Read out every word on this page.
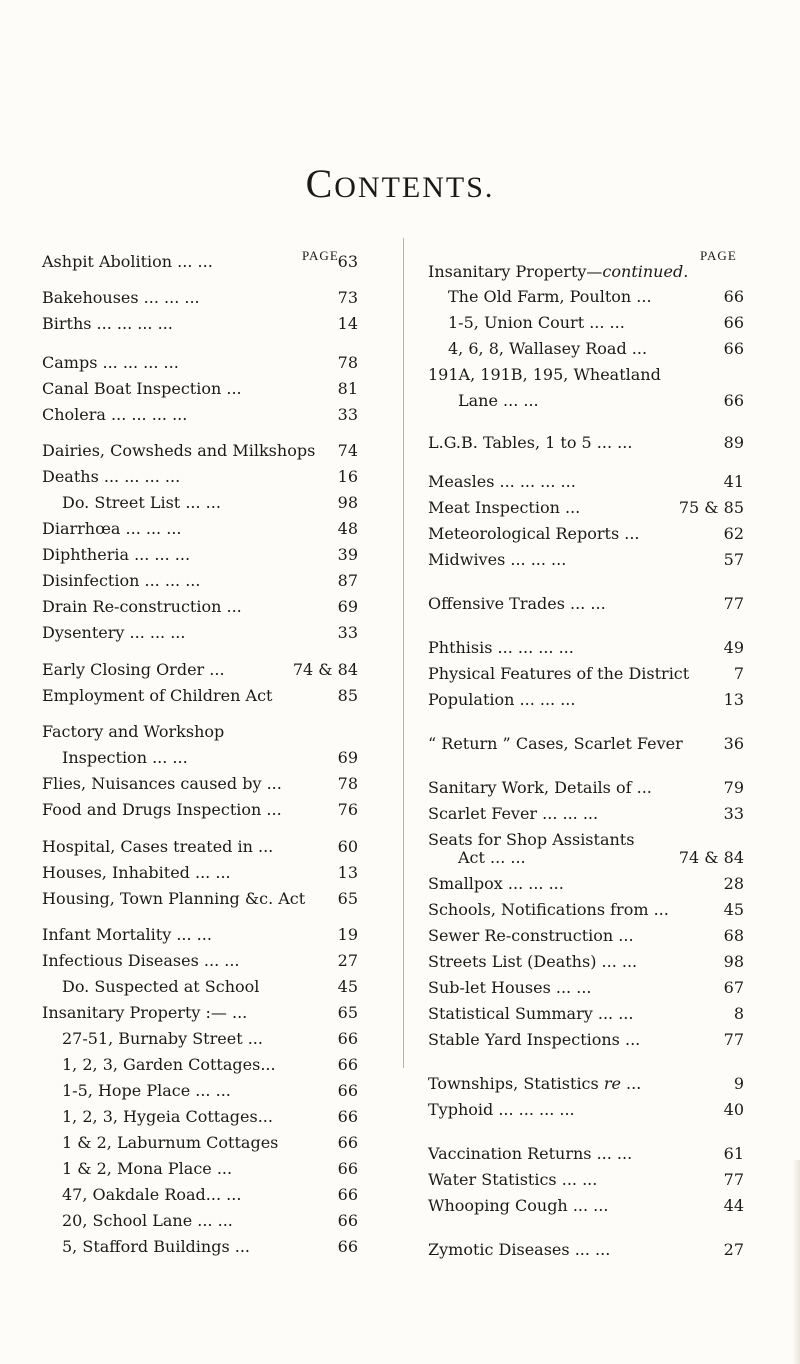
CONTENTS.
PAGE	PAGE
Ashpit Abolition ... ...	63
Bakehouses ... ... ...	73
Births ... ... ... ...	14
Camps ... ... ... ...	78
Canal Boat Inspection ...	81
Cholera ... ... ... ...	33
Dairies, Cowsheds and Milkshops 74
Deaths ... ... ... ...	16
Do. Street List ... ...	98
Diarrhœa ... ... ...	48
Diphtheria ... ... ...	39
Disinfection ... ... ...	87
Drain Re-construction ...	69
Dysentery ... ... ...	33
Early Closing Order ...	74 & 84
Employment of Children Act	85
Factory and Workshop
Inspection ... ...	69
Flies, Nuisances caused by ...	78
Food and Drugs Inspection ...	76
Hospital, Cases treated in ...	60
Houses, Inhabited ... ...	13
Housing, Town Planning &c. Act 65
Infant Mortality ... ...	19
Infectious Diseases ... ...	27
Do. Suspected at School	45
Insanitary Property :— ...	65
27-51, Burnaby Street ...	66
1, 2, 3, Garden Cottages...	66
1-5, Hope Place ... ...	66
1, 2, 3, Hygeia Cottages...	66
1 & 2, Laburnum Cottages	66
1 & 2, Mona Place ...	66
47, Oakdale Road... ...	66
20, School Lane ... ...	66
5, Stafford Buildings ...	66
Insanitary Property—continued.
The Old Farm, Poulton ...	66
1-5, Union Court ... ...	66
4, 6, 8, Wallasey Road ...	66
191A, 191B, 195, Wheatland
Lane ... ...	66
L.G.B. Tables, 1 to 5 ... ...	89
Measles ... ... ... ...	41
Meat Inspection ...	75 & 85
Meteorological Reports ...	62
Midwives ... ... ...	57
Offensive Trades ... ...	77
Phthisis ... ... ... ...	49
Physical Features of the District	7
Population ... ... ...	13
“ Return ” Cases, Scarlet Fever	36
Sanitary Work, Details of ...	79
Scarlet Fever ... ... ...	33
Seats for Shop Assistants
Act ... ...	74 & 84
Smallpox ... ... ...	28
Schools, Notifications from ...	45
Sewer Re-construction ...	68
Streets List (Deaths) ... ...	98
Sub-let Houses ... ...	67
Statistical Summary ... ...	8
Stable Yard Inspections ...	77
Townships, Statistics re ...	9
Typhoid ... ... ... ...	40
Vaccination Returns ... ...	61
Water Statistics ... ...	77
Whooping Cough ... ...	44
Zymotic Diseases ... ...	27
